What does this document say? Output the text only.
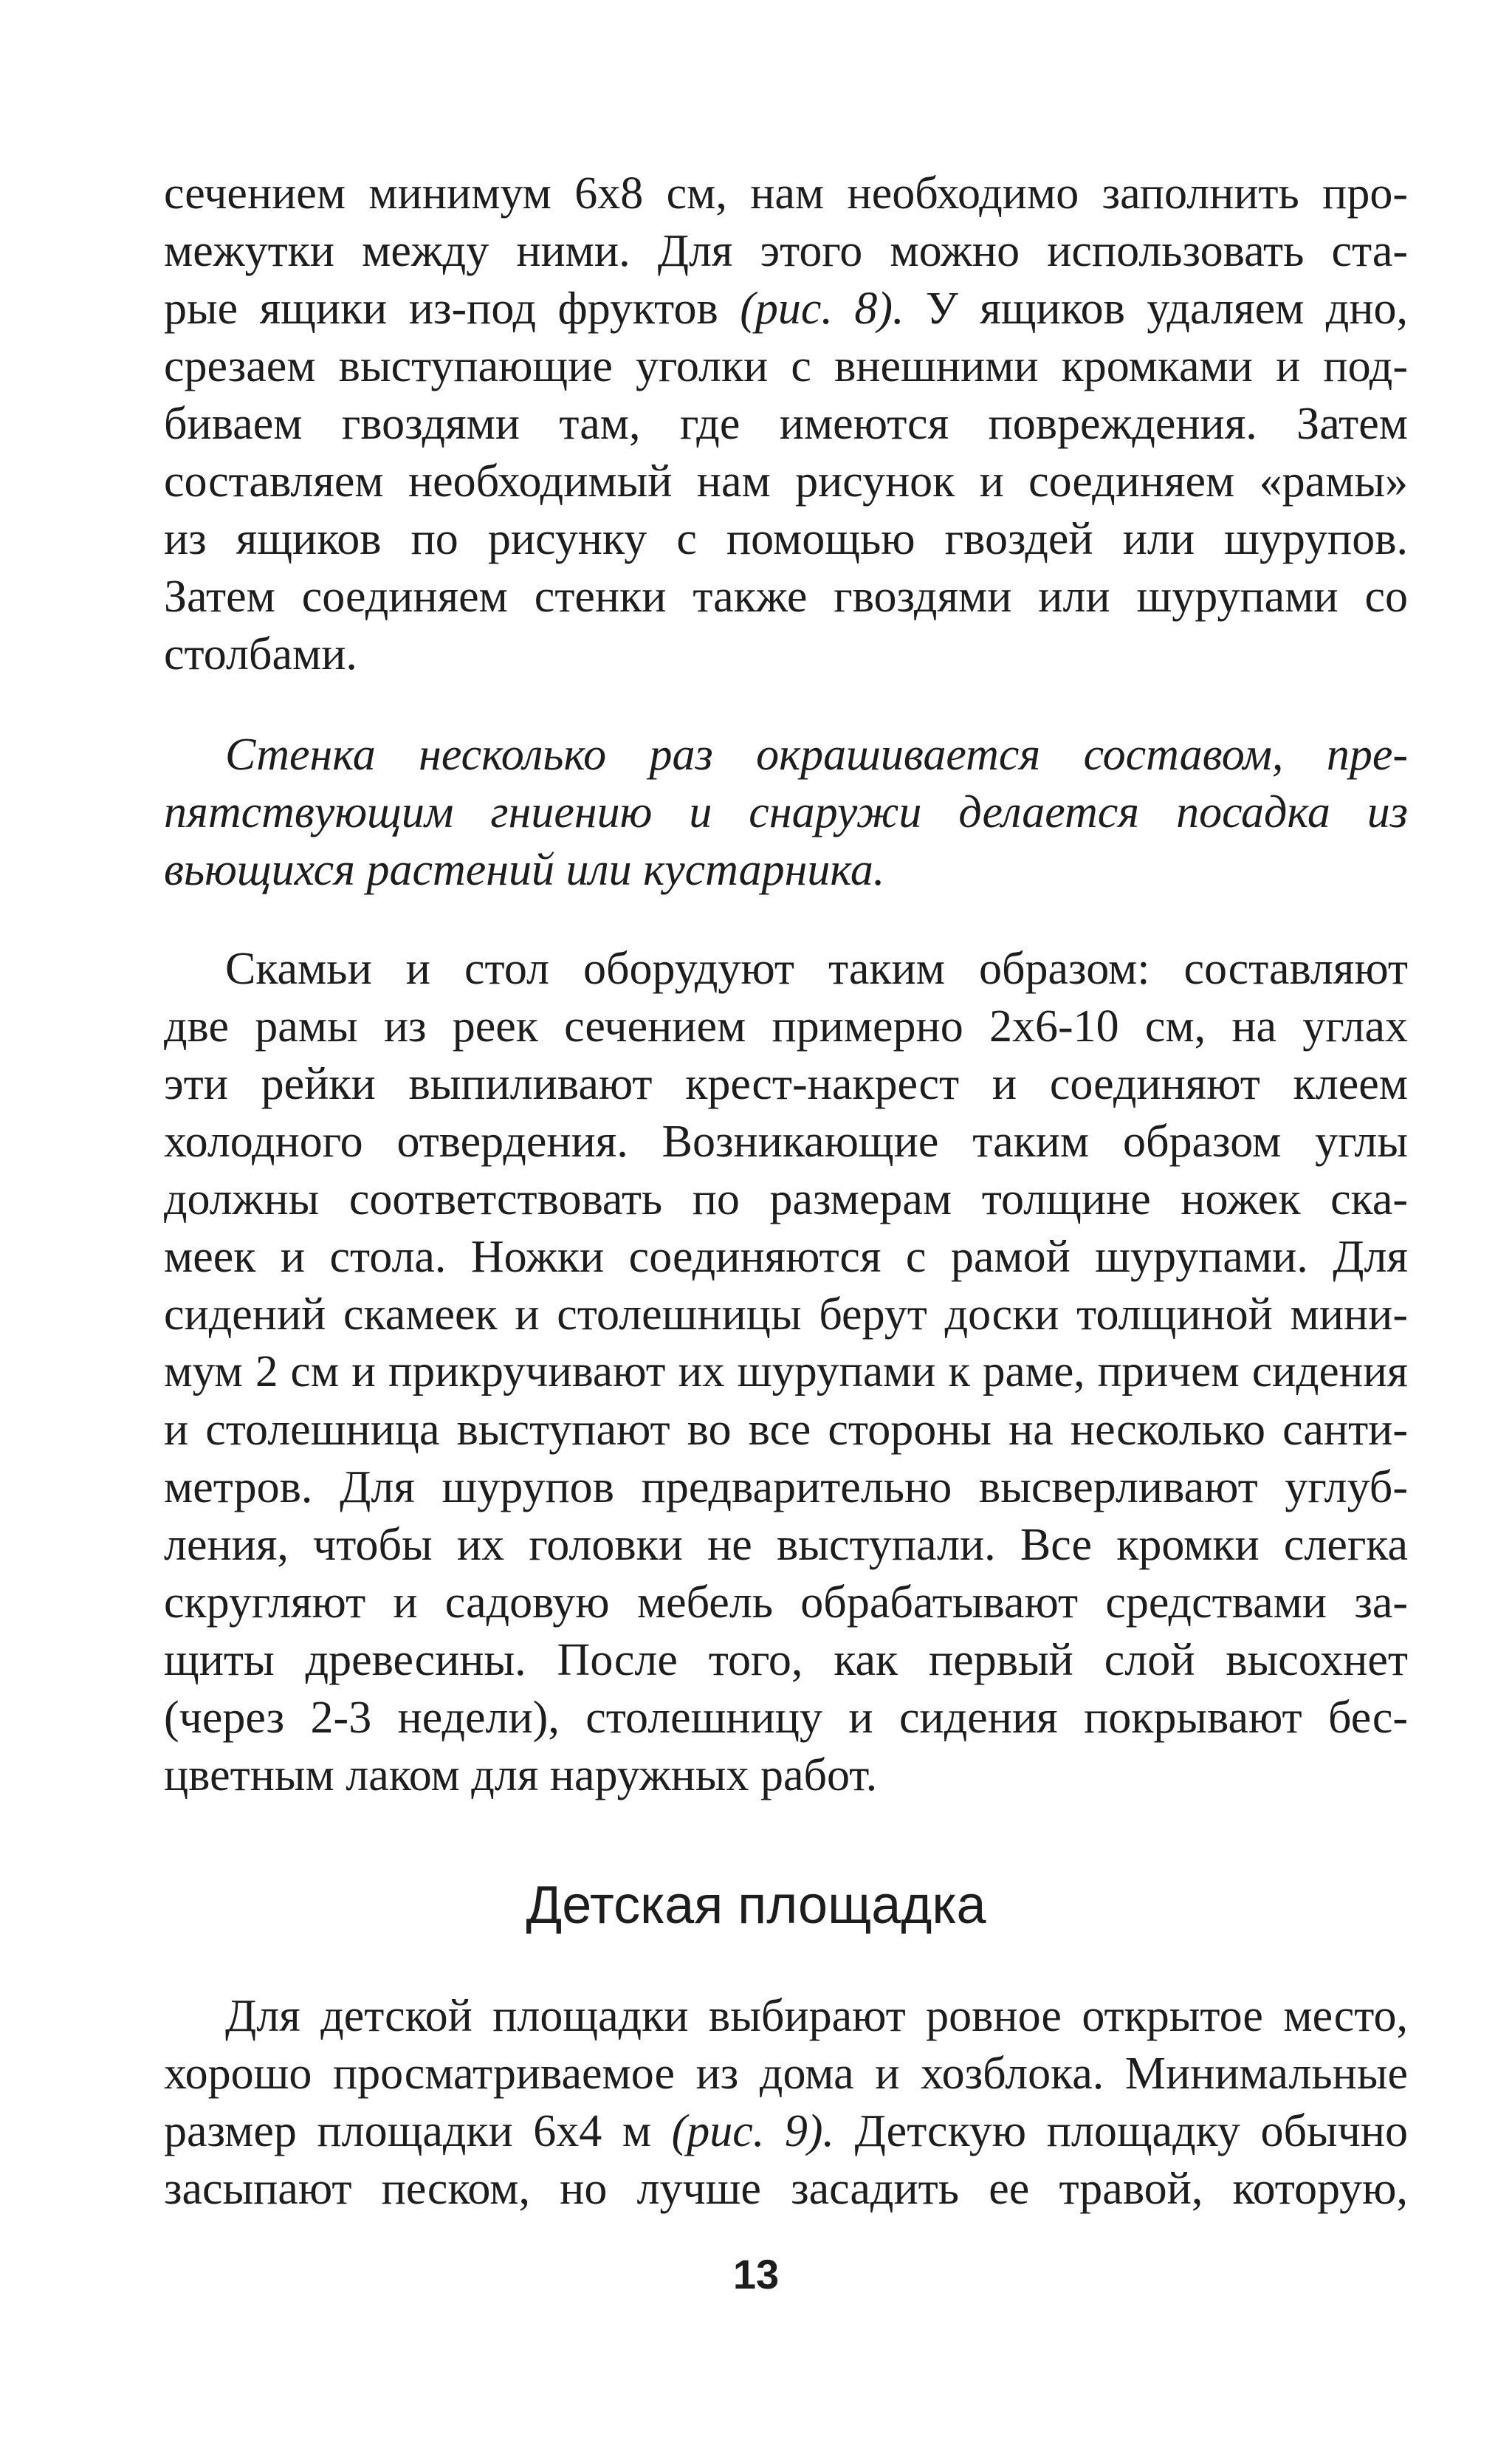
сечением минимум 6х8 см, нам необходимо заполнить про-
межутки между ними. Для этого можно использовать ста-
рые ящики из-под фруктов (рис. 8). У ящиков удаляем дно,
срезаем выступающие уголки с внешними кромками и под-
биваем гвоздями там, где имеются повреждения. Затем
составляем необходимый нам рисунок и соединяем «рамы»
из ящиков по рисунку с помощью гвоздей или шурупов.
Затем соединяем стенки также гвоздями или шурупами со
столбами.
Стенка несколько раз окрашивается составом, пре-
пятствующим гниению и снаружи делается посадка из
вьющихся растений или кустарника.
Скамьи и стол оборудуют таким образом: составляют
две рамы из реек сечением примерно 2х6-10 см, на углах
эти рейки выпиливают крест-накрест и соединяют клеем
холодного отвердения. Возникающие таким образом углы
должны соответствовать по размерам толщине ножек ска-
меек и стола. Ножки соединяются с рамой шурупами. Для
сидений скамеек и столешницы берут доски толщиной мини-
мум 2 см и прикручивают их шурупами к раме, причем сидения
и столешница выступают во все стороны на несколько санти-
метров. Для шурупов предварительно высверливают углуб-
ления, чтобы их головки не выступали. Все кромки слегка
скругляют и садовую мебель обрабатывают средствами за-
щиты древесины. После того, как первый слой высохнет
(через 2-3 недели), столешницу и сидения покрывают бес-
цветным лаком для наружных работ.
Детская площадка
Для детской площадки выбирают ровное открытое место,
хорошо просматриваемое из дома и хозблока. Минимальные
размер площадки 6х4 м (рис. 9). Детскую площадку обычно
засыпают песком, но лучше засадить ее травой, которую,
13
